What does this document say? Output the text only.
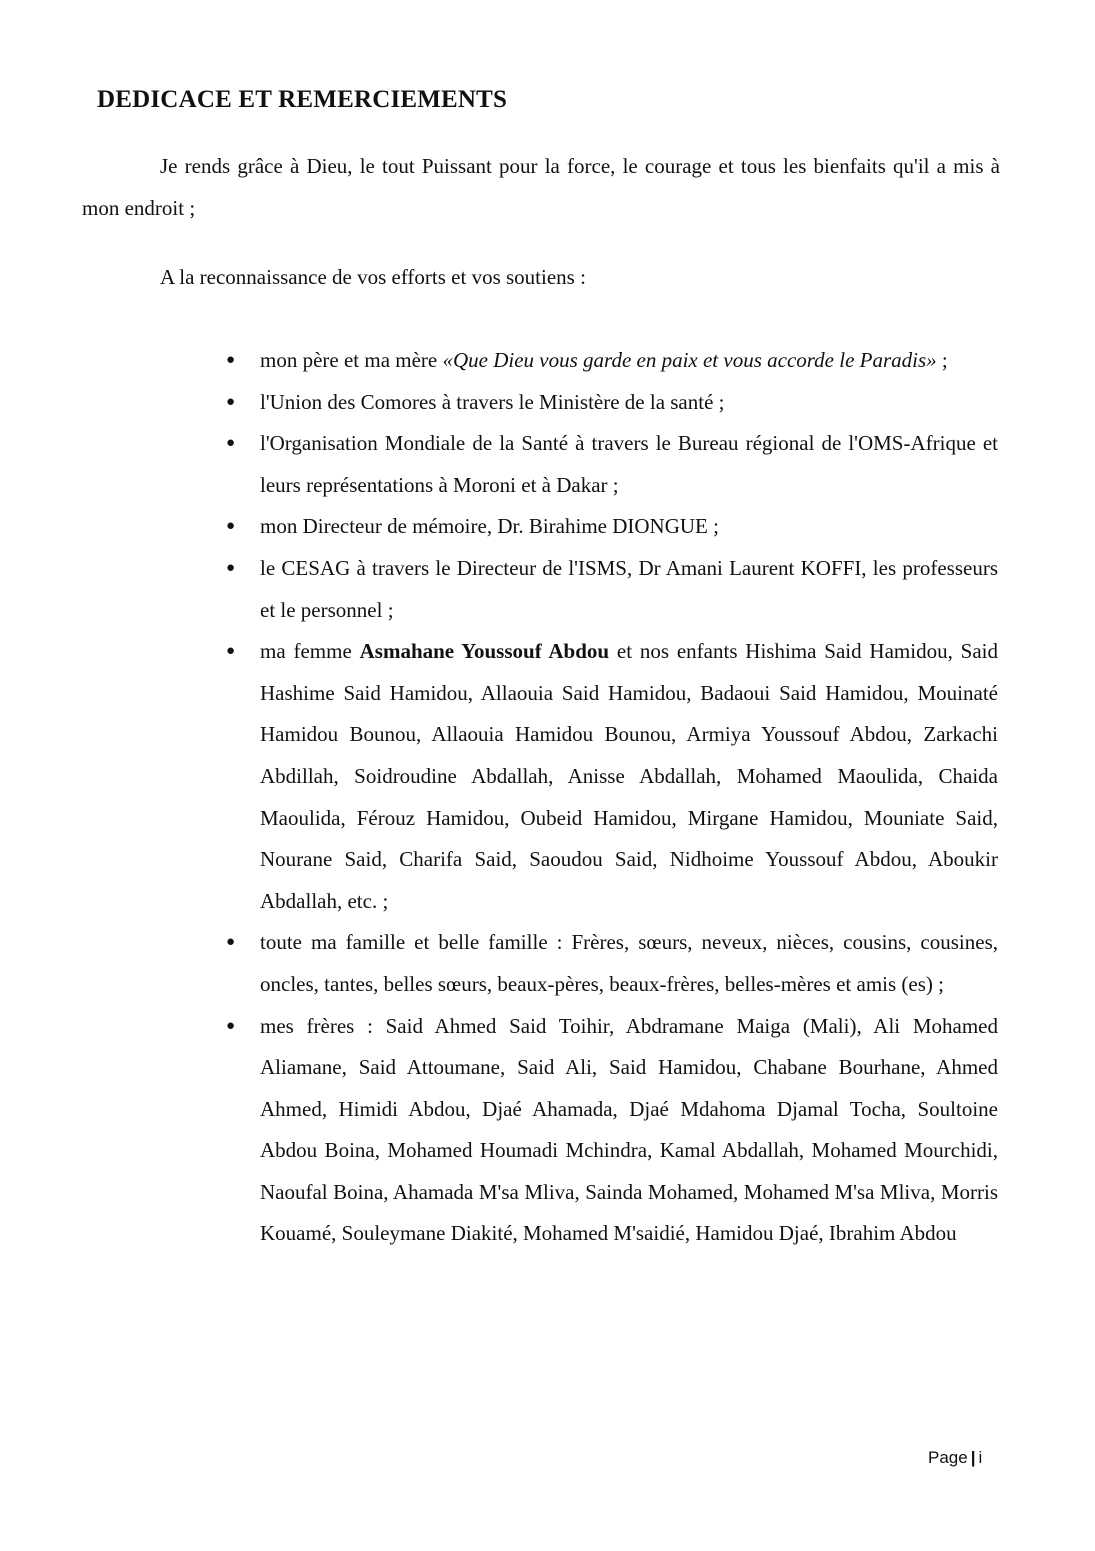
DEDICACE ET REMERCIEMENTS
Je rends grâce à Dieu, le tout Puissant pour la force, le courage et tous les bienfaits qu'il a mis à mon endroit ;
A la reconnaissance de vos efforts et vos soutiens :
● mon père et ma mère «Que Dieu vous garde en paix et vous accorde le Paradis» ;
● l'Union des Comores à travers le Ministère de la santé ;
● l'Organisation Mondiale de la Santé à travers le Bureau régional de l'OMS-Afrique et leurs représentations à Moroni et à Dakar ;
● mon Directeur de mémoire, Dr. Birahime DIONGUE ;
● le CESAG à travers le Directeur de l'ISMS, Dr Amani Laurent KOFFI, les professeurs et le personnel ;
● ma femme Asmahane Youssouf Abdou et nos enfants Hishima Said Hamidou, Said Hashime Said Hamidou, Allaouia Said Hamidou, Badaoui Said Hamidou, Mouinaté Hamidou Bounou, Allaouia Hamidou Bounou, Armiya Youssouf Abdou, Zarkachi Abdillah, Soidroudine Abdallah, Anisse Abdallah, Mohamed Maoulida, Chaida Maoulida, Férouz Hamidou, Oubeid Hamidou, Mirgane Hamidou, Mouniate Said, Nourane Said, Charifa Said, Saoudou Said, Nidhoime Youssouf Abdou, Aboukir Abdallah, etc. ;
● toute ma famille et belle famille : Frères, sœurs, neveux, nièces, cousins, cousines, oncles, tantes, belles sœurs, beaux-pères, beaux-frères, belles-mères et amis (es) ;
● mes frères : Said Ahmed Said Toihir, Abdramane Maiga (Mali), Ali Mohamed Aliamane, Said Attoumane, Said Ali, Said Hamidou, Chabane Bourhane, Ahmed Ahmed, Himidi Abdou, Djaé Ahamada, Djaé Mdahoma Djamal Tocha, Soultoine Abdou Boina, Mohamed Houmadi Mchindra, Kamal Abdallah, Mohamed Mourchidi, Naoufal Boina, Ahamada M'sa Mliva, Sainda Mohamed, Mohamed M'sa Mliva, Morris Kouamé, Souleymane Diakité, Mohamed M'saidié, Hamidou Djaé, Ibrahim Abdou
Page | i
